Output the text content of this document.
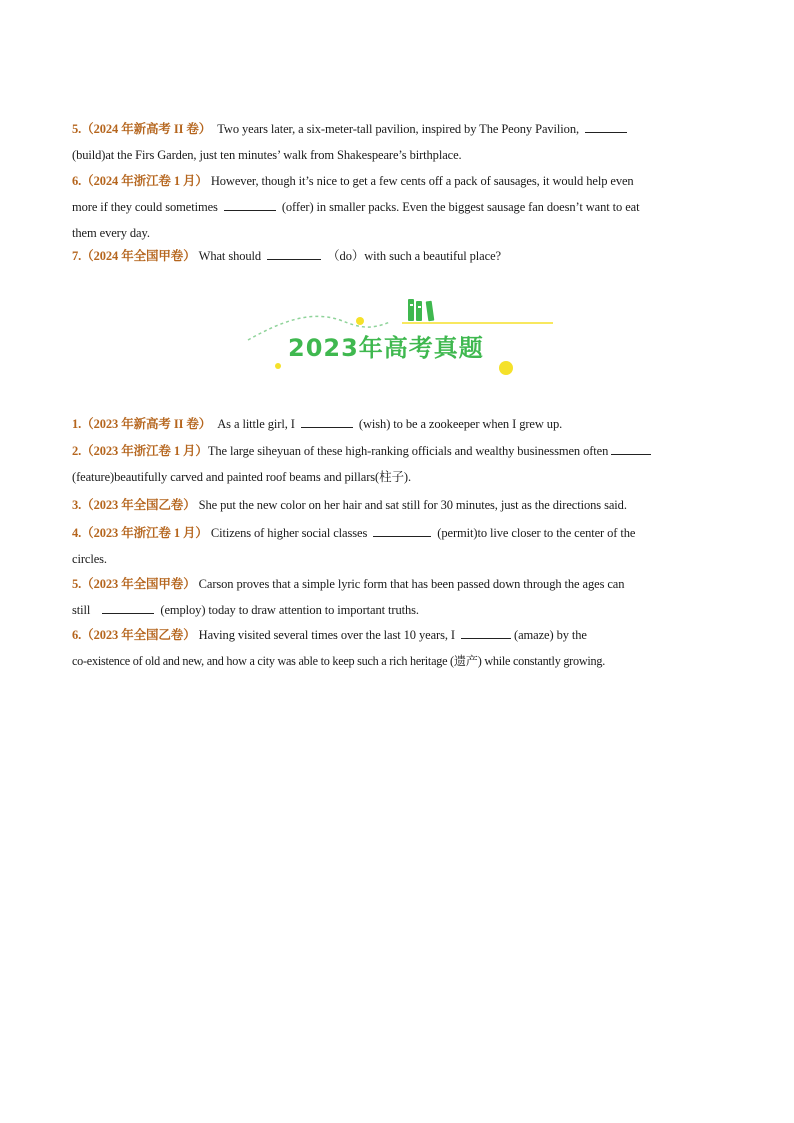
5.（2024 年新高考 II 卷） Two years later, a six-meter-tall pavilion, inspired by The Peony Pavilion,
(build)at the Firs Garden, just ten minutes’ walk from Shakespeare’s birthplace.
6.（2024 年浙江卷 1 月） However, though it’s nice to get a few cents off a pack of sausages, it would help even
more if they could sometimes	(offer) in smaller packs. Even the biggest sausage fan doesn’t want to eat
them every day.
7.（2024 年全国甲卷） What should	（do）with such a beautiful place?
2023年高考真题
1.（2023 年新高考 II 卷） As a little girl, I	(wish) to be a zookeeper when I grew up.
2.（2023 年浙江卷 1 月）The large siheyuan of these high-ranking officials and wealthy businessmen often
(feature)beautifully carved and painted roof beams and pillars(柱子).
3.（2023 年全国乙卷） She put the new color on her hair and sat still for 30 minutes, just as the directions said.
4.（2023 年浙江卷 1 月） Citizens of higher social classes	(permit)to live closer to the center of the
circles.
5.（2023 年全国甲卷） Carson proves that a simple lyric form that has been passed down through the ages can
still	(employ) today to draw attention to important truths.
6.（2023 年全国乙卷） Having visited several times over the last 10 years, I	(amaze) by the
co-existence of old and new, and how a city was able to keep such a rich heritage (遗产) while constantly growing.
